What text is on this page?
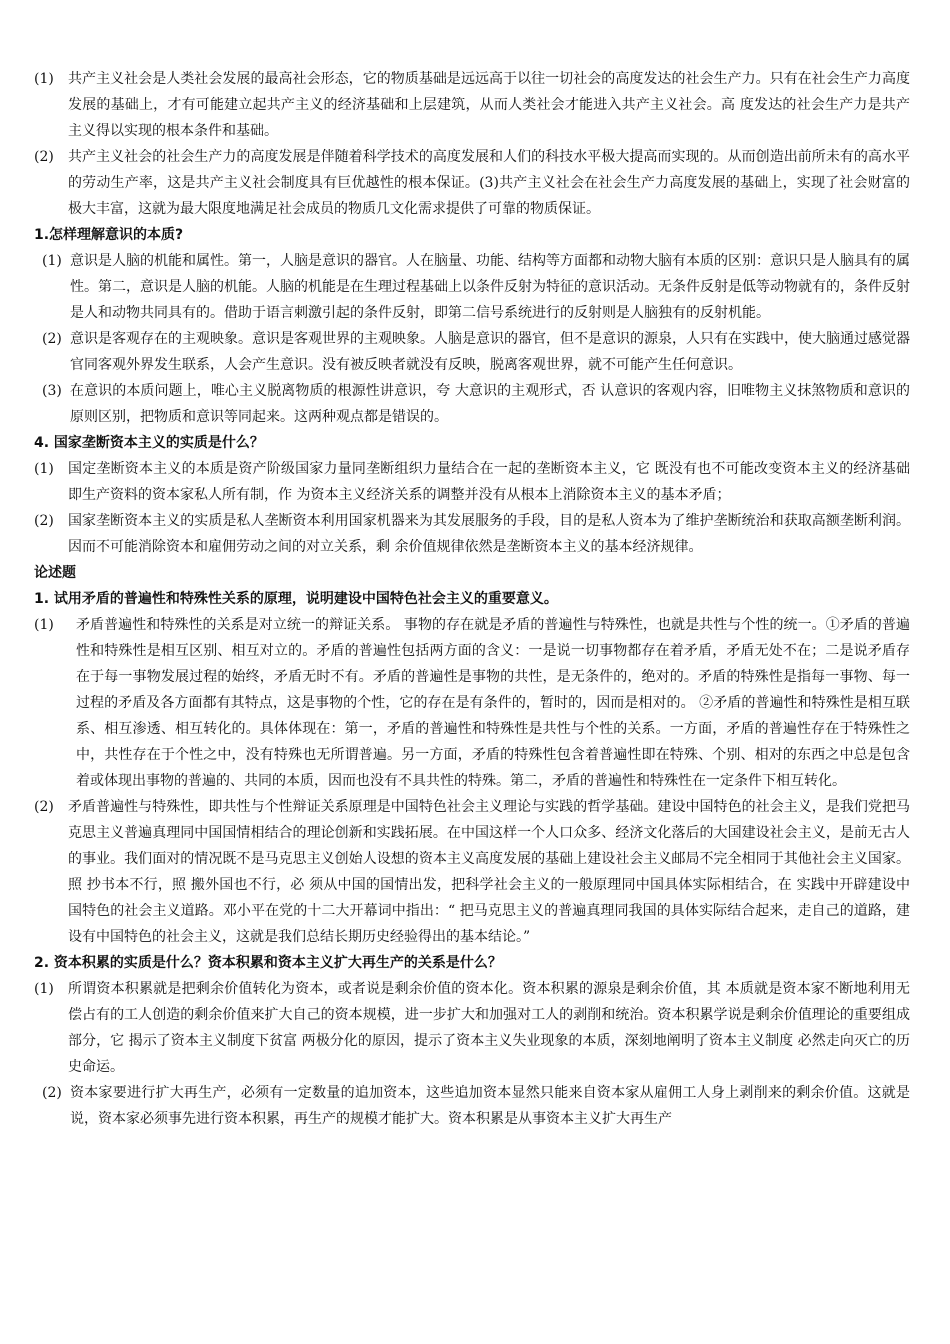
(1) 共产主义社会是人类社会发展的最高社会形态，它的物质基础是远远高于以往一切社会的高度发达的社会生产力。只有在社会生产力高度发展的基础上，才有可能建立起共产主义的经济基础和上层建筑，从而人类社会才能进入共产主义社会。高 度发达的社会生产力是共产主义得以实现的根本条件和基础。
(2) 共产主义社会的社会生产力的高度发展是伴随着科学技术的高度发展和人们的科技水平极大提高而实现的。从而创造出前所未有的高水平的劳动生产率，这是共产主义社会制度具有巨优越性的根本保证。(3)共产主义社会在社会生产力高度发展的基础上，实现了社会财富的极大丰富，这就为最大限度地满足社会成员的物质几文化需求提供了可靠的物质保证。
1.怎样理解意识的本质?
(1) 意识是人脑的机能和属性。第一，人脑是意识的器官。人在脑量、功能、结构等方面都和动物大脑有本质的区别：意识只是人脑具有的属性。第二，意识是人脑的机能。人脑的机能是在生理过程基础上以条件反射为特征的意识活动。无条件反射是低等动物就有的，条件反射是人和动物共同具有的。借助于语言刺激引起的条件反射，即第二信号系统进行的反射则是人脑独有的反射机能。
(2) 意识是客观存在的主观映象。意识是客观世界的主观映象。人脑是意识的器官，但不是意识的源泉，人只有在实践中，使大脑通过感觉器官同客观外界发生联系，人会产生意识。没有被反映者就没有反映，脱离客观世界，就不可能产生任何意识。
(3) 在意识的本质问题上，唯心主义脱离物质的根源性讲意识，夸 大意识的主观形式，否 认意识的客观内容，旧唯物主义抹煞物质和意识的原则区别，把物质和意识等同起来。这两种观点都是错误的。
4. 国家垄断资本主义的实质是什么？
(1) 国定垄断资本主义的本质是资产阶级国家力量同垄断组织力量结合在一起的垄断资本主义，它 既没有也不可能改变资本主义的经济基础即生产资料的资本家私人所有制，作 为资本主义经济关系的调整并没有从根本上消除资本主义的基本矛盾；
(2) 国家垄断资本主义的实质是私人垄断资本利用国家机器来为其发展服务的手段，目的是私人资本为了维护垄断统治和获取高额垄断利润。因而不可能消除资本和雇佣劳动之间的对立关系，剩 余价值规律依然是垄断资本主义的基本经济规律。
论述题
1. 试用矛盾的普遍性和特殊性关系的原理，说明建设中国特色社会主义的重要意义。
(1) 矛盾普遍性和特殊性的关系是对立统一的辩证关系。 事物的存在就是矛盾的普遍性与特殊性，也就是共性与个性的统一。①矛盾的普遍性和特殊性是相互区别、相互对立的。矛盾的普遍性包括两方面的含义：一是说一切事物都存在着矛盾，矛盾无处不在；二是说矛盾存在于每一事物发展过程的始终，矛盾无时不有。矛盾的普遍性是事物的共性，是无条件的，绝对的。矛盾的特殊性是指每一事物、每一过程的矛盾及各方面都有其特点，这是事物的个性，它的存在是有条件的，暂时的，因而是相对的。 ②矛盾的普遍性和特殊性是相互联系、相互渗透、相互转化的。具体体现在：第一，矛盾的普遍性和特殊性是共性与个性的关系。一方面，矛盾的普遍性存在于特殊性之中，共性存在于个性之中，没有特殊也无所谓普遍。另一方面，矛盾的特殊性包含着普遍性即在特殊、个别、相对的东西之中总是包含着或体现出事物的普遍的、共同的本质，因而也没有不具共性的特殊。第二，矛盾的普遍性和特殊性在一定条件下相互转化。
(2) 矛盾普遍性与特殊性，即共性与个性辩证关系原理是中国特色社会主义理论与实践的哲学基础。建设中国特色的社会主义，是我们党把马克思主义普遍真理同中国国情相结合的理论创新和实践拓展。在中国这样一个人口众多、经济文化落后的大国建设社会主义，是前无古人的事业。我们面对的情况既不是马克思主义创始人设想的资本主义高度发展的基础上建设社会主义邮局不完全相同于其他社会主义国家。照 抄书本不行，照 搬外国也不行，必 须从中国的国情出发，把科学社会主义的一般原理同中国具体实际相结合，在 实践中开辟建设中国特色的社会主义道路。邓小平在党的十二大开幕词中指出：“ 把马克思主义的普遍真理同我国的具体实际结合起来，走自己的道路，建设有中国特色的社会主义，这就是我们总结长期历史经验得出的基本结论。”
2. 资本积累的实质是什么？资本积累和资本主义扩大再生产的关系是什么？
(1) 所谓资本积累就是把剩余价值转化为资本，或者说是剩余价值的资本化。资本积累的源泉是剩余价值，其 本质就是资本家不断地利用无偿占有的工人创造的剩余价值来扩大自己的资本规模，进一步扩大和加强对工人的剥削和统治。资本积累学说是剩余价值理论的重要组成部分，它 揭示了资本主义制度下贫富 两极分化的原因，提示了资本主义失业现象的本质，深刻地阐明了资本主义制度 必然走向灭亡的历史命运。
(2) 资本家要进行扩大再生产，必须有一定数量的追加资本，这些追加资本显然只能来自资本家从雇佣工人身上剥削来的剩余价值。这就是说，资本家必须事先进行资本积累，再生产的规模才能扩大。资本积累是从事资本主义扩大再生产
